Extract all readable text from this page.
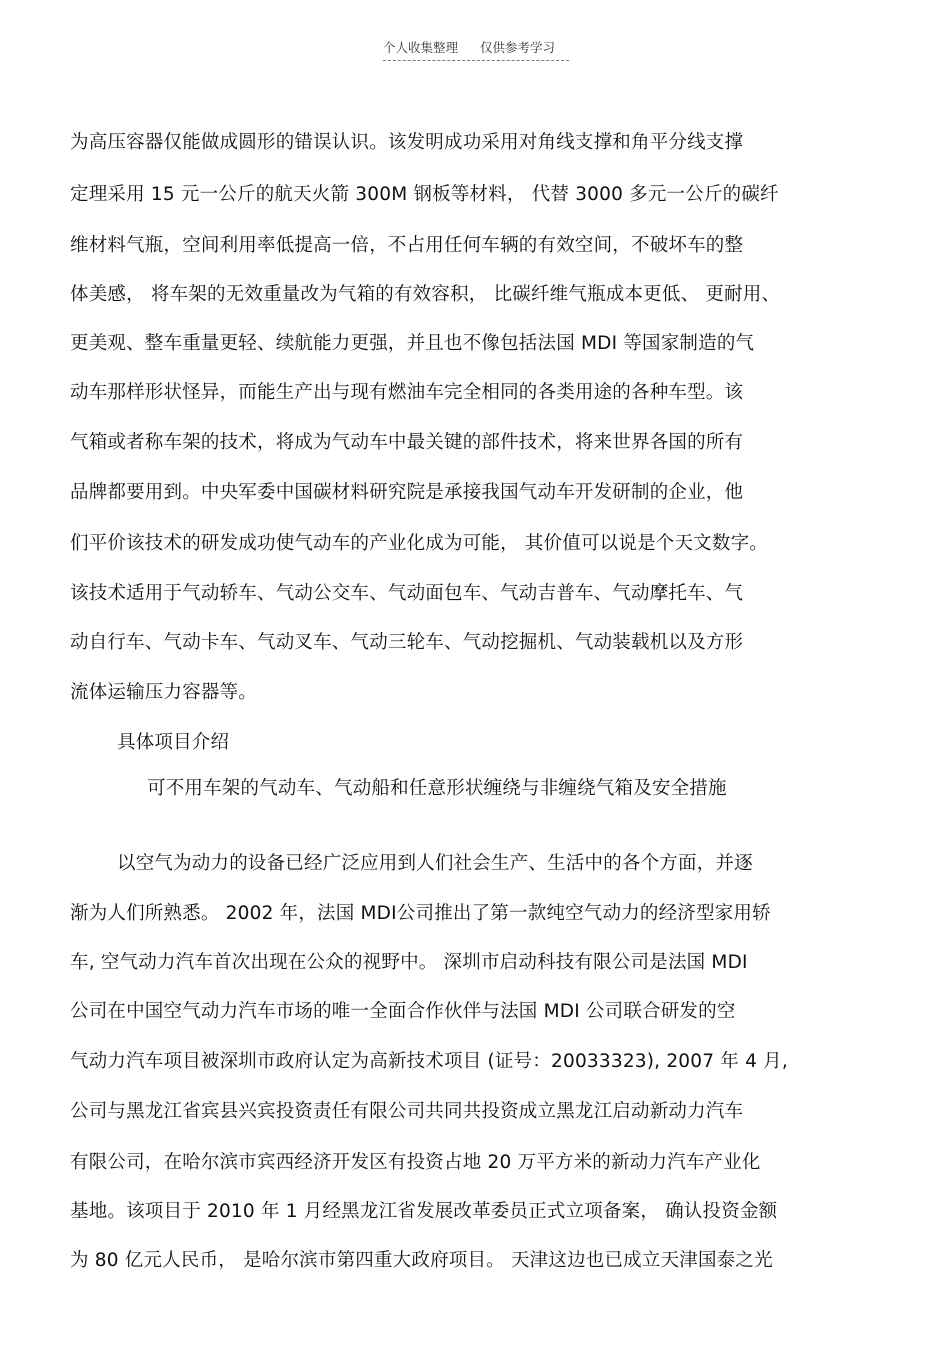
个人收集整理 仅供参考学习
为高压容器仅能做成圆形的错误认识。该发明成功采用对角线支撑和角平分线支撑
定理采用 15 元一公斤的航天火箭 300M 钢板等材料， 代替 3000 多元一公斤的碳纤
维材料气瓶，空间利用率低提高一倍，不占用任何车辆的有效空间，不破坏车的整
体美感， 将车架的无效重量改为气箱的有效容积， 比碳纤维气瓶成本更低、 更耐用、
更美观、整车重量更轻、续航能力更强，并且也不像包括法国 MDI 等国家制造的气
动车那样形状怪异，而能生产出与现有燃油车完全相同的各类用途的各种车型。该
气箱或者称车架的技术，将成为气动车中最关键的部件技术，将来世界各国的所有
品牌都要用到。中央军委中国碳材料研究院是承接我国气动车开发研制的企业，他
们平价该技术的研发成功使气动车的产业化成为可能， 其价值可以说是个天文数字。
该技术适用于气动轿车、气动公交车、气动面包车、气动吉普车、气动摩托车、气
动自行车、气动卡车、气动叉车、气动三轮车、气动挖掘机、气动装载机以及方形
流体运输压力容器等。
具体项目介绍
可不用车架的气动车、气动船和任意形状缠绕与非缠绕气箱及安全措施
以空气为动力的设备已经广泛应用到人们社会生产、生活中的各个方面，并逐
渐为人们所熟悉。 2002 年，法国 MDI公司推出了第一款纯空气动力的经济型家用轿
车, 空气动力汽车首次出现在公众的视野中。 深圳市启动科技有限公司是法国 MDI
公司在中国空气动力汽车市场的唯一全面合作伙伴与法国 MDI 公司联合研发的空
气动力汽车项目被深圳市政府认定为高新技术项目 (证号：20033323), 2007 年 4 月,
公司与黑龙江省宾县兴宾投资责任有限公司共同共投资成立黑龙江启动新动力汽车
有限公司，在哈尔滨市宾西经济开发区有投资占地 20 万平方米的新动力汽车产业化
基地。该项目于 2010 年 1 月经黑龙江省发展改革委员正式立项备案， 确认投资金额
为 80 亿元人民币， 是哈尔滨市第四重大政府项目。 天津这边也已成立天津国泰之光
